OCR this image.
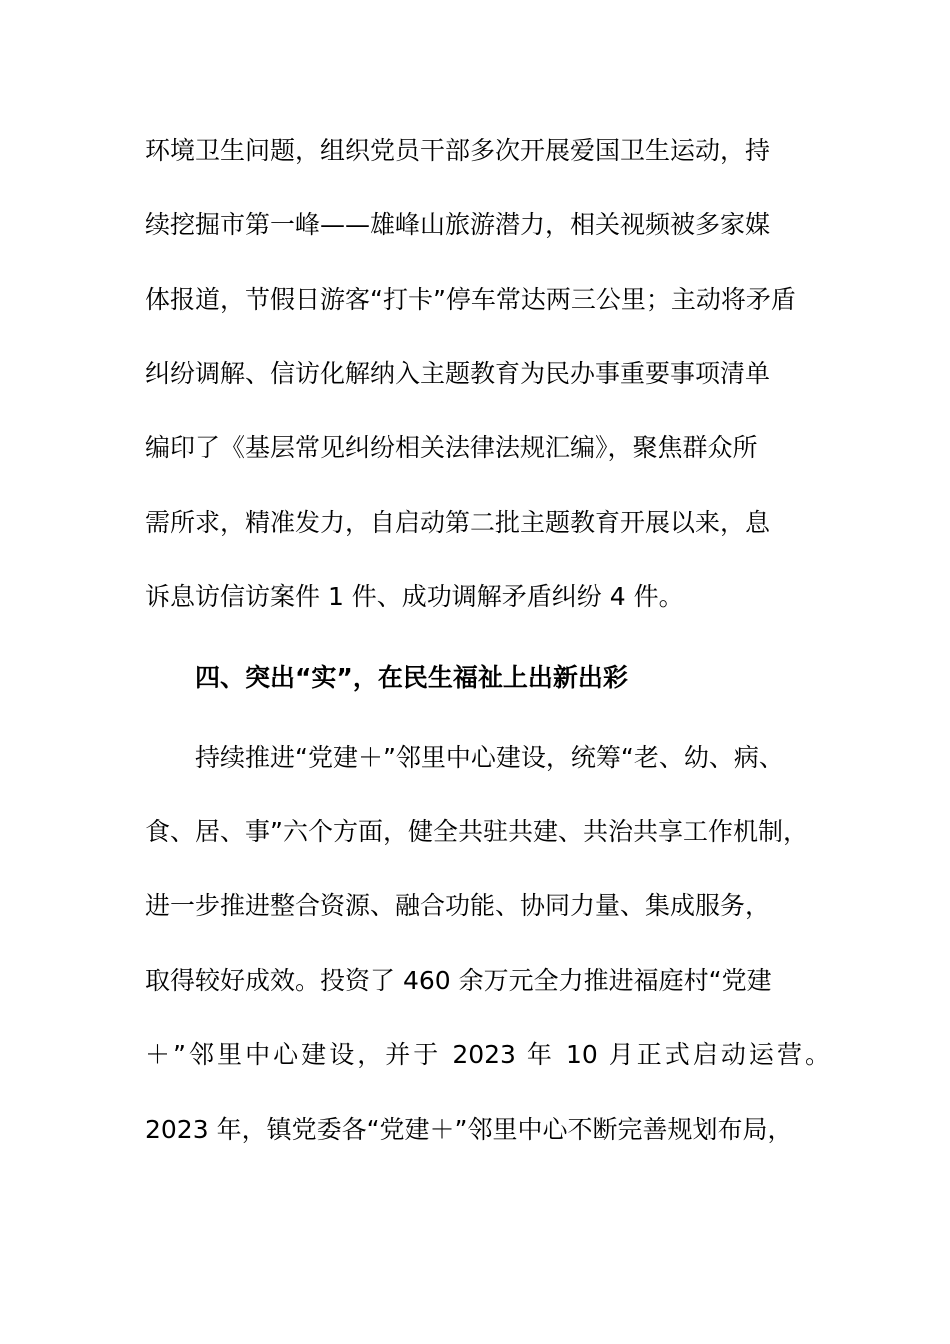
环境卫生问题，组织党员干部多次开展爱国卫生运动，持
续挖掘市第一峰——雄峰山旅游潜力，相关视频被多家媒
体报道，节假日游客“打卡”停车常达两三公里；主动将矛盾
纠纷调解、信访化解纳入主题教育为民办事重要事项清单
编印了《基层常见纠纷相关法律法规汇编》，聚焦群众所
需所求，精准发力，自启动第二批主题教育开展以来，息
诉息访信访案件 1 件、成功调解矛盾纠纷 4 件。
四、突出“实”，在民生福祉上出新出彩
持续推进“党建＋”邻里中心建设，统筹“老、幼、病、
食、居、事”六个方面，健全共驻共建、共治共享工作机制，
进一步推进整合资源、融合功能、协同力量、集成服务，
取得较好成效。投资了 460 余万元全力推进福庭村“党建
＋”邻里中心建设，并于 2023 年 10 月正式启动运营。
2023 年，镇党委各“党建＋”邻里中心不断完善规划布局，
